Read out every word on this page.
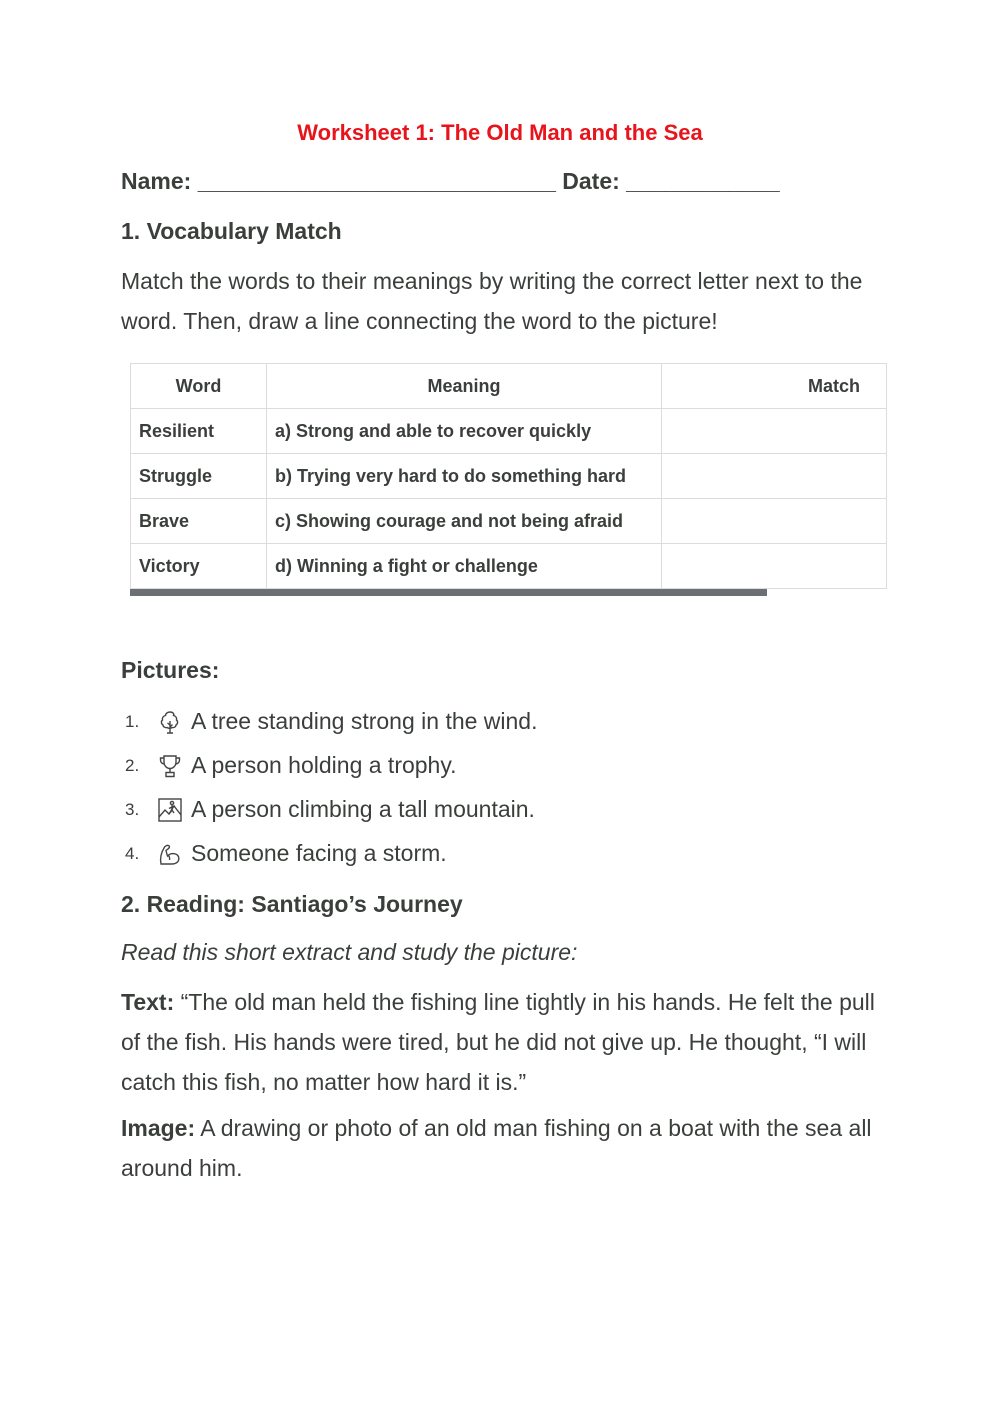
Worksheet 1: The Old Man and the Sea
Name: ____________________________ Date: ____________
1. Vocabulary Match

Match the words to their meanings by writing the correct letter next to the word. Then, draw a line connecting the word to the picture!

Word	Meaning	Match
Resilient	a) Strong and able to recover quickly	
Struggle	b) Trying very hard to do something hard	
Brave	c) Showing courage and not being afraid	
Victory	d) Winning a fight or challenge	
Pictures:
1.	A tree standing strong in the wind.
2.	A person holding a trophy.
3.	A person climbing a tall mountain.
4.	Someone facing a storm.
2. Reading: Santiago’s Journey
Read this short extract and study the picture:

Text: “The old man held the fishing line tightly in his hands. He felt the pull of the fish. His hands were tired, but he did not give up. He thought, “I will catch this fish, no matter how hard it is.”

Image: A drawing or photo of an old man fishing on a boat with the sea all around him.
